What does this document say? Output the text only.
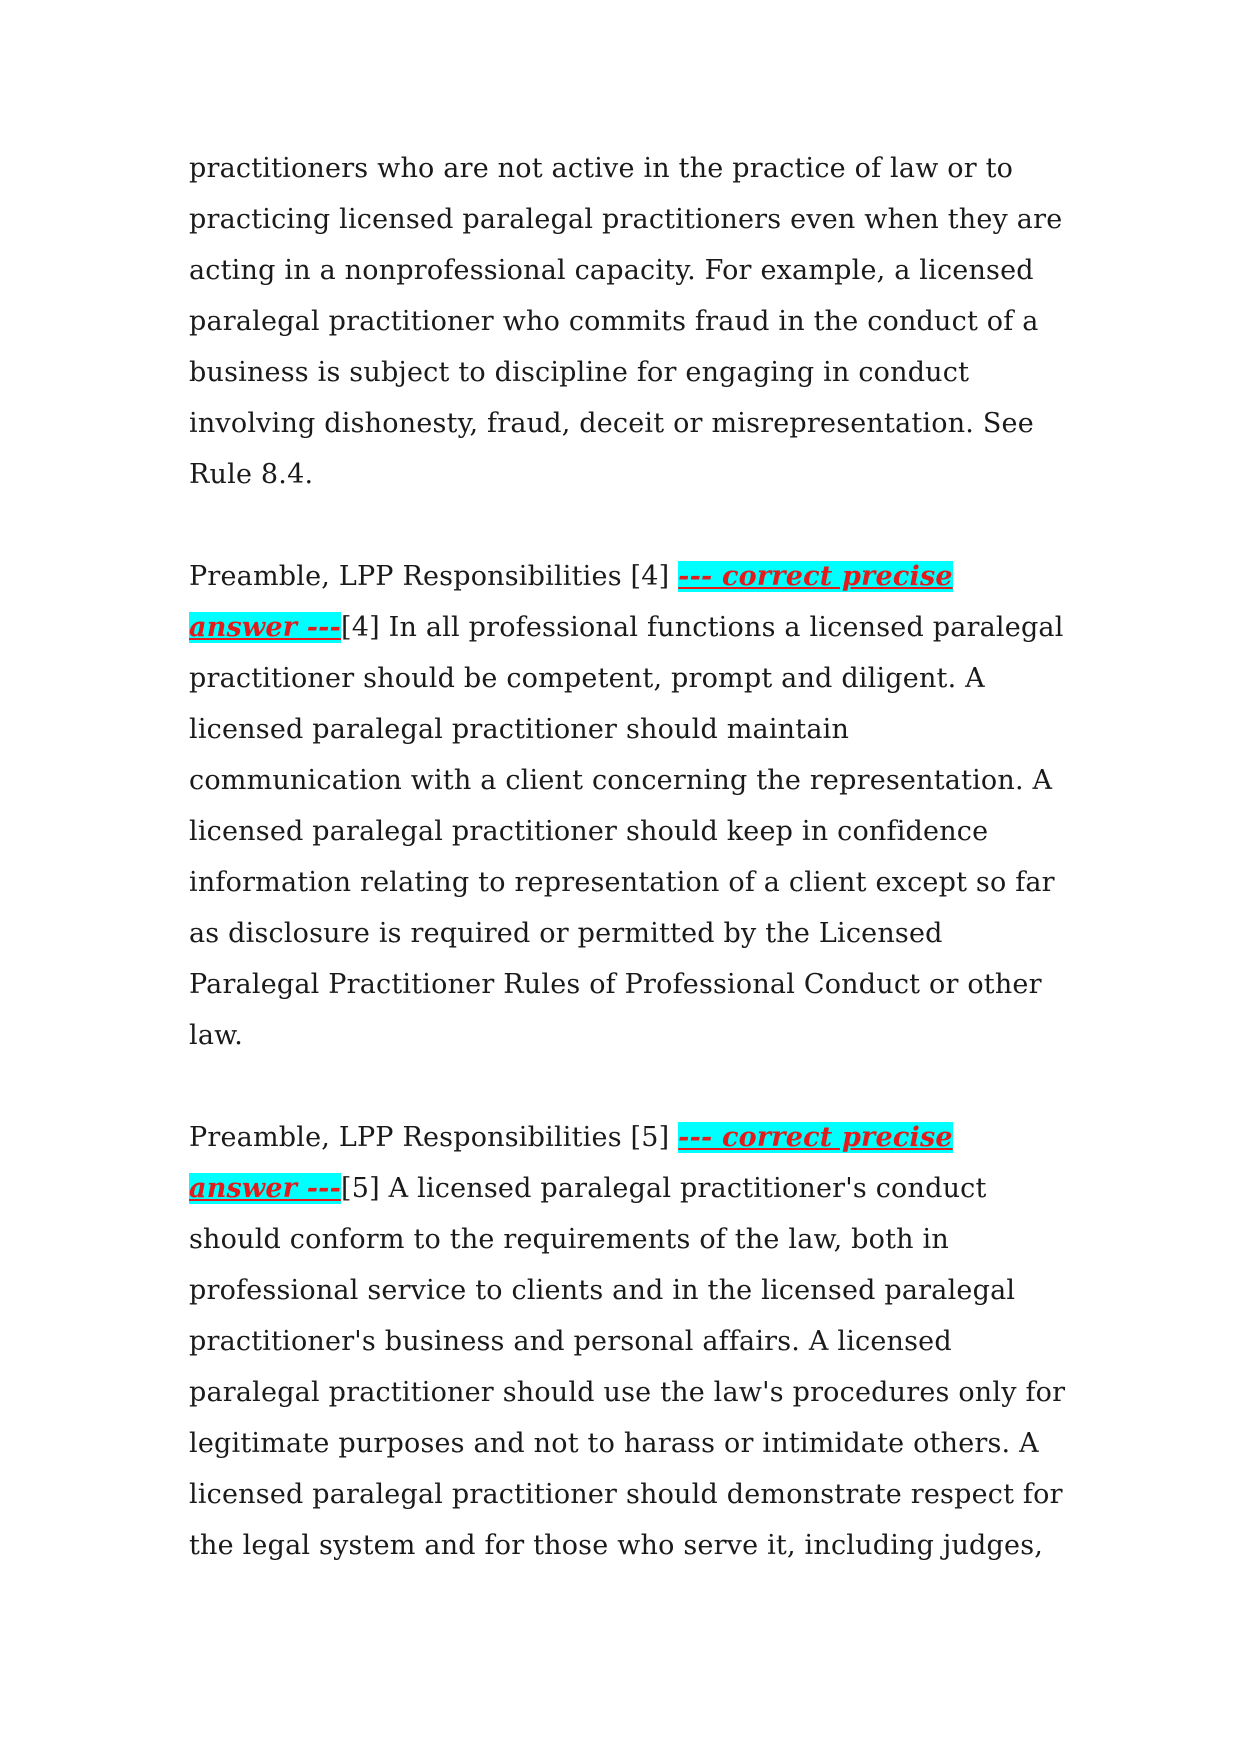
practitioners who are not active in the practice of law or to practicing licensed paralegal practitioners even when they are acting in a nonprofessional capacity. For example, a licensed paralegal practitioner who commits fraud in the conduct of a business is subject to discipline for engaging in conduct involving dishonesty, fraud, deceit or misrepresentation. See Rule 8.4.

Preamble, LPP Responsibilities [4] --- correct precise answer ---[4] In all professional functions a licensed paralegal practitioner should be competent, prompt and diligent. A licensed paralegal practitioner should maintain communication with a client concerning the representation. A licensed paralegal practitioner should keep in confidence information relating to representation of a client except so far as disclosure is required or permitted by the Licensed Paralegal Practitioner Rules of Professional Conduct or other law.

Preamble, LPP Responsibilities [5] --- correct precise answer ---[5] A licensed paralegal practitioner's conduct should conform to the requirements of the law, both in professional service to clients and in the licensed paralegal practitioner's business and personal affairs. A licensed paralegal practitioner should use the law's procedures only for legitimate purposes and not to harass or intimidate others. A licensed paralegal practitioner should demonstrate respect for the legal system and for those who serve it, including judges,
